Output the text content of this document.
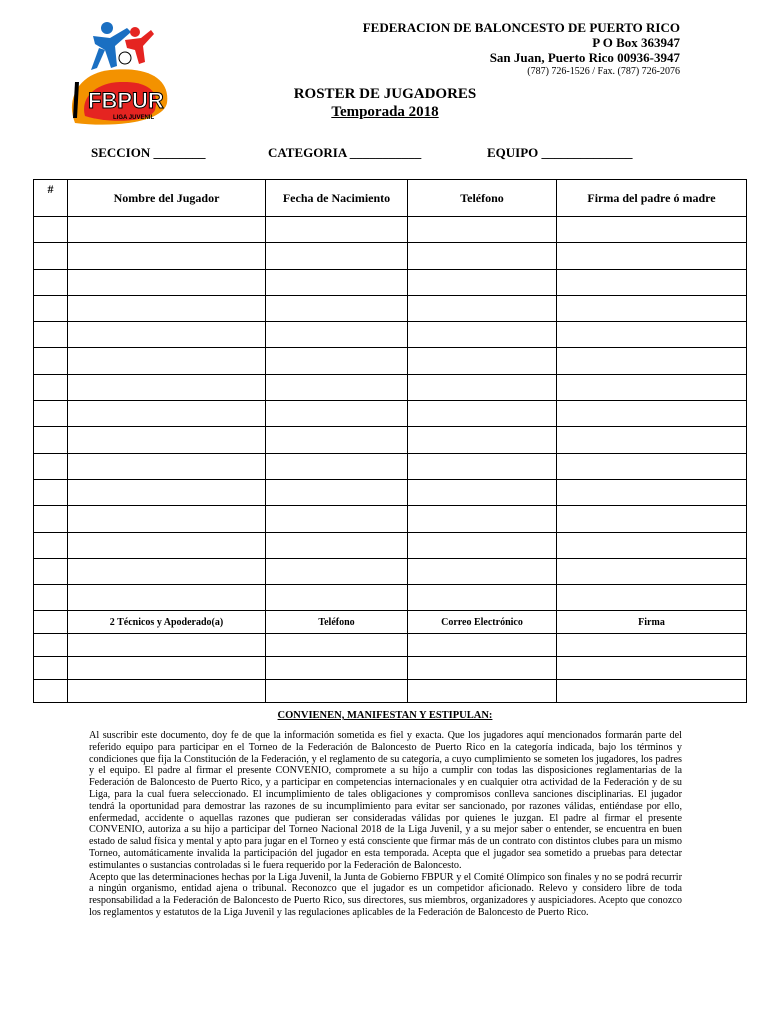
FBPUR
LIGA JUVENIL
FEDERACION DE BALONCESTO DE PUERTO RICO
P O Box 363947
San Juan, Puerto Rico 00936-3947
(787) 726-1526 / Fax. (787) 726-2076
ROSTER DE JUGADORES
Temporada 2018
SECCION ________	CATEGORIA ___________	EQUIPO ______________
#	Nombre del Jugador	Fecha de Nacimiento	Teléfono	Firma del padre ó madre

	2 Técnicos y Apoderado(a)	Teléfono	Correo Electrónico	Firma

CONVIENEN, MANIFESTAN Y ESTIPULAN:

Al suscribir este documento, doy fe de que la información sometida es fiel y exacta. Que los jugadores aquí mencionados formarán parte del referido equipo para participar en el Torneo de la Federación de Baloncesto de Puerto Rico en la categoría indicada, bajo los términos y condiciones que fija la Constitución de la Federación, y el reglamento de su categoría, a cuyo cumplimiento se someten los jugadores, los padres y el equipo. El padre al firmar el presente CONVENIO, compromete a su hijo a cumplir con todas las disposiciones reglamentarias de la Federación de Baloncesto de Puerto Rico, y a participar en competencias internacionales y en cualquier otra actividad de la Federación y de su Liga, para la cual fuera seleccionado. El incumplimiento de tales obligaciones y compromisos conlleva sanciones disciplinarias. El jugador tendrá la oportunidad para demostrar las razones de su incumplimiento para evitar ser sancionado, por razones válidas, entiéndase por ello, enfermedad, accidente o aquellas razones que pudieran ser consideradas válidas por quienes le juzgan. El padre al firmar el presente CONVENIO, autoriza a su hijo a participar del Torneo Nacional 2018 de la Liga Juvenil, y a su mejor saber o entender, se encuentra en buen estado de salud física y mental y apto para jugar en el Torneo y está consciente que firmar más de un contrato con distintos clubes para un mismo Torneo, automáticamente invalida la participación del jugador en esta temporada. Acepta que el jugador sea sometido a pruebas para detectar estimulantes o sustancias controladas si le fuera requerido por la Federación de Baloncesto.

Acepto que las determinaciones hechas por la Liga Juvenil, la Junta de Gobierno FBPUR y el Comité Olímpico son finales y no se podrá recurrir a ningún organismo, entidad ajena o tribunal. Reconozco que el jugador es un competidor aficionado. Relevo y considero libre de toda responsabilidad a la Federación de Baloncesto de Puerto Rico, sus directores, sus miembros, organizadores y auspiciadores. Acepto que conozco los reglamentos y estatutos de la Liga Juvenil y las regulaciones aplicables de la Federación de Baloncesto de Puerto Rico.
